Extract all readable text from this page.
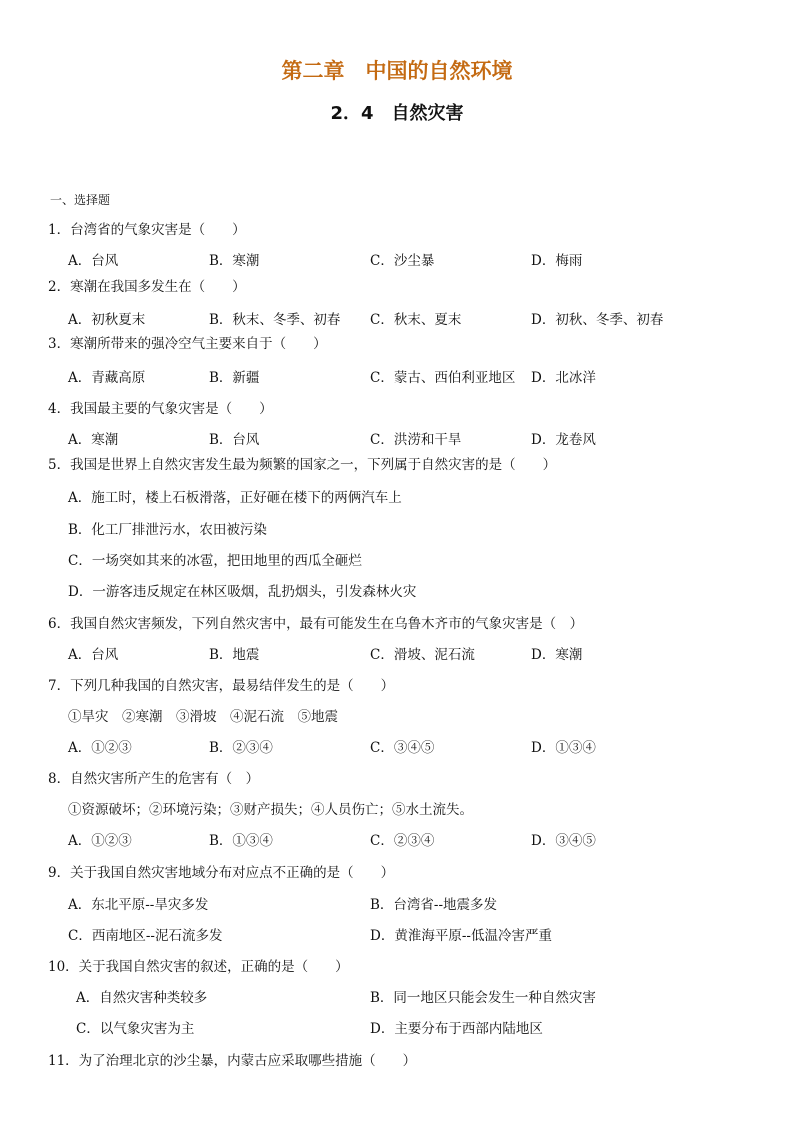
第二章　中国的自然环境
2．4　自然灾害
一、选择题
1．台湾省的气象灾害是（　　）
A．台风	B．寒潮	C．沙尘暴	D．梅雨
2．寒潮在我国多发生在（　　）
A．初秋夏末	B．秋末、冬季、初春 C．秋末、夏末	D．初秋、冬季、初春
3．寒潮所带来的强冷空气主要来自于（　　）
A．青藏高原	B．新疆	C．蒙古、西伯利亚地区 D．北冰洋
4．我国最主要的气象灾害是（　　）
A．寒潮	B．台风	C．洪涝和干旱	D．龙卷风
5．我国是世界上自然灾害发生最为频繁的国家之一，下列属于自然灾害的是（　　）
A．施工时，楼上石板滑落，正好砸在楼下的两俩汽车上
B．化工厂排泄污水，农田被污染
C．一场突如其来的冰雹，把田地里的西瓜全砸烂
D．一游客违反规定在林区吸烟，乱扔烟头，引发森林火灾
6．我国自然灾害频发，下列自然灾害中，最有可能发生在乌鲁木齐市的气象灾害是（　）
A．台风	B．地震	C．滑坡、泥石流	D．寒潮
7．下列几种我国的自然灾害，最易结伴发生的是（　　）
①旱灾　②寒潮　③滑坡　④泥石流　⑤地震
A．①②③	B．②③④	C．③④⑤	D．①③④
8．自然灾害所产生的危害有（　）
①资源破坏；②环境污染；③财产损失；④人员伤亡；⑤水土流失。
A．①②③	B．①③④	C．②③④	D．③④⑤
9．关于我国自然灾害地域分布对应点不正确的是（　　）
A．东北平原--旱灾多发	B．台湾省--地震多发
C．西南地区--泥石流多发	D．黄淮海平原--低温冷害严重
10．关于我国自然灾害的叙述，正确的是（　　）
A．自然灾害种类较多	B．同一地区只能会发生一种自然灾害
C．以气象灾害为主	D．主要分布于西部内陆地区
11．为了治理北京的沙尘暴，内蒙古应采取哪些措施（　　）
